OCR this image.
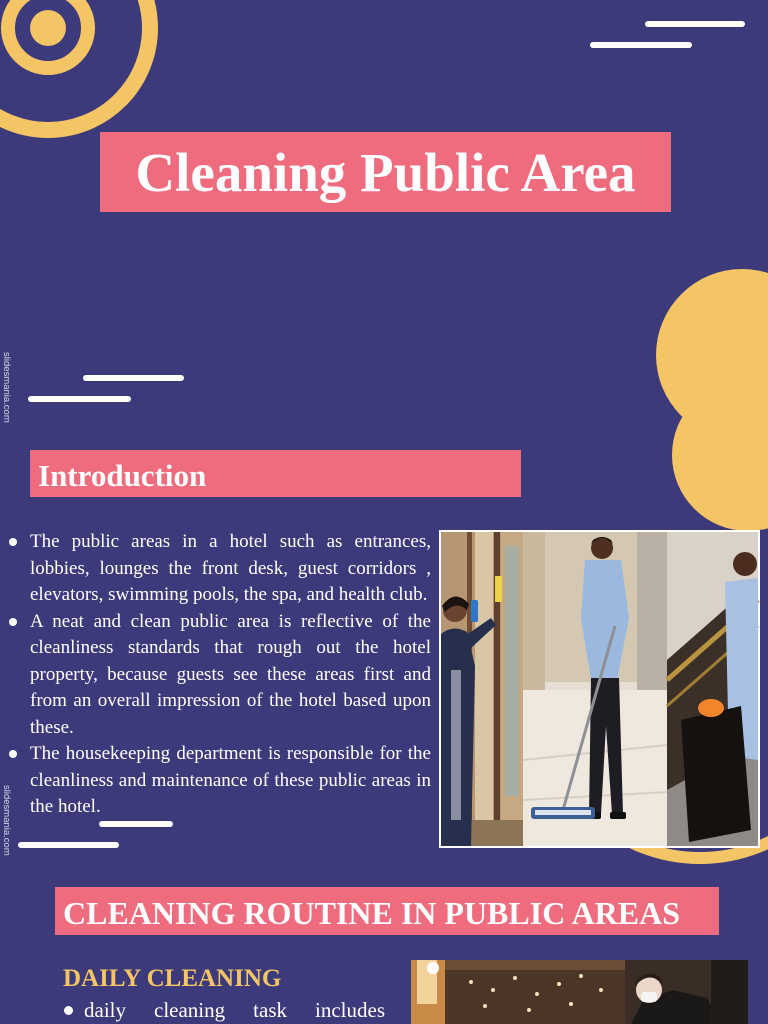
slidesmania.com
slidesmania.com
Cleaning Public Area
Introduction
The public areas in a hotel such as entrances,
lobbies, lounges the front desk, guest corridors ,
elevators, swimming pools, the spa, and health club.
A neat and clean public area is reflective of the
cleanliness standards that rough out the hotel
property, because guests see these areas first and
from an overall impression of the hotel based upon
these.
The housekeeping department is responsible for the
cleanliness and maintenance of these public areas in
the hotel.
CLEANING ROUTINE IN PUBLIC AREAS
DAILY CLEANING
daily cleaning task includes
